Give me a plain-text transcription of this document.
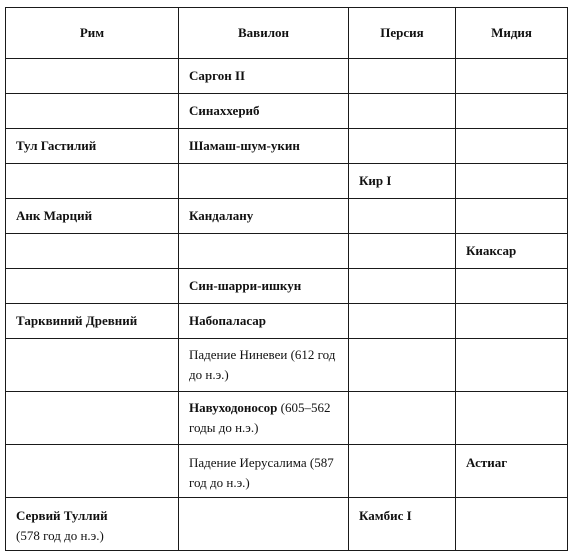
Рим	Вавилон	Персия	Мидия
	Саргон II		
	Синаххериб		
Тул Гастилий	Шамаш-шум-укин		
		Кир I	
Анк Марций	Кандалану		
			Киаксар
	Син-шарри-ишкун		
Тарквиний Древний	Набопаласар		
	Падение Ниневеи (612 год до н.э.)		
	Навуходоносор (605–562 годы до н.э.)		
	Падение Иерусалима (587 год до н.э.)		Астиаг
Сервий Туллий
(578 год до н.э.)		Камбис I	
